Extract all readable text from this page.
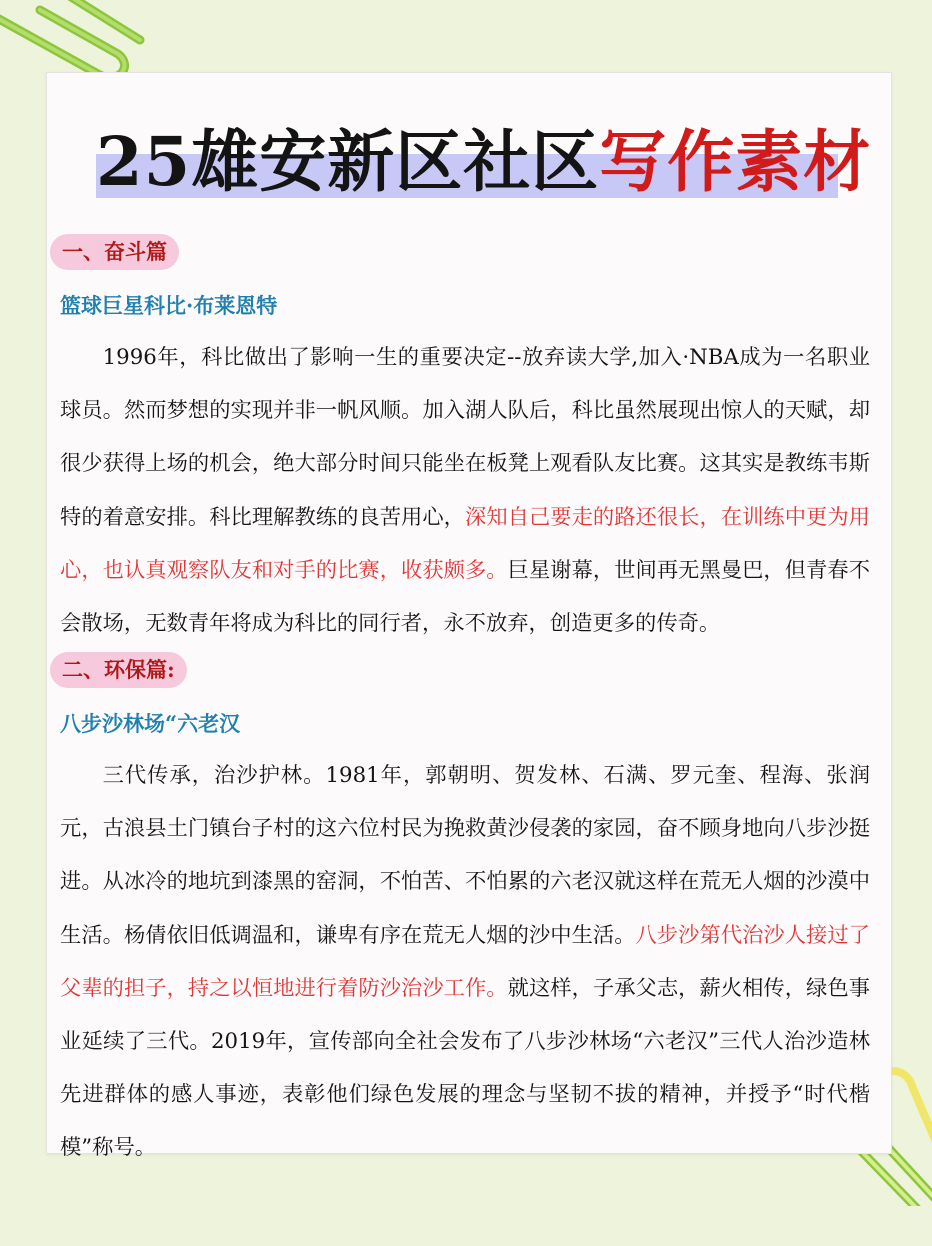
25雄安新区社区写作素材
一、奋斗篇
篮球巨星科比·布莱恩特

1996年，科比做出了影响一生的重要决定--放弃读大学,加入·NBA成为一名职业球员。然而梦想的实现并非一帆风顺。加入湖人队后，科比虽然展现出惊人的天赋，却很少获得上场的机会，绝大部分时间只能坐在板凳上观看队友比赛。这其实是教练韦斯特的着意安排。科比理解教练的良苦用心，深知自己要走的路还很长，在训练中更为用心，也认真观察队友和对手的比赛，收获颇多。巨星谢幕，世间再无黑曼巴，但青春不会散场，无数青年将成为科比的同行者，永不放弃，创造更多的传奇。

二、环保篇:
八步沙林场“六老汉

三代传承，治沙护林。1981年，郭朝明、贺发林、石满、罗元奎、程海、张润元，古浪县土门镇台子村的这六位村民为挽救黄沙侵袭的家园，奋不顾身地向八步沙挺进。从冰冷的地坑到漆黑的窑洞，不怕苦、不怕累的六老汉就这样在荒无人烟的沙漠中生活。杨倩依旧低调温和，谦卑有序在荒无人烟的沙中生活。八步沙第代治沙人接过了父辈的担子，持之以恒地进行着防沙治沙工作。就这样，子承父志，薪火相传，绿色事业延续了三代。2019年，宣传部向全社会发布了八步沙林场“六老汉”三代人治沙造林先进群体的感人事迹，表彰他们绿色发展的理念与坚韧不拔的精神，并授予“时代楷模”称号。
